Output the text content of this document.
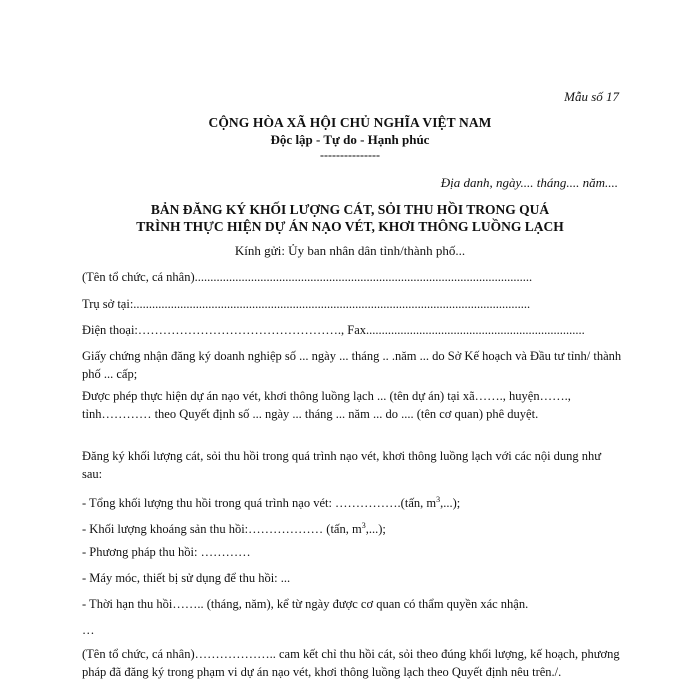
Mẫu số 17
CỘNG HÒA XÃ HỘI CHỦ NGHĨA VIỆT NAM
Độc lập - Tự do - Hạnh phúc
---------------
Địa danh, ngày.... tháng.... năm....
BẢN ĐĂNG KÝ KHỐI LƯỢNG CÁT, SỎI THU HỒI TRONG QUÁ
TRÌNH THỰC HIỆN DỰ ÁN NẠO VÉT, KHƠI THÔNG LUỒNG LẠCH
Kính gửi: Ủy ban nhân dân tỉnh/thành phố...
(Tên tổ chức, cá nhân)............................................................................................................
Trụ sở tại:...............................................................................................................................
Điện thoại:…………………………………………., Fax......................................................................
Giấy chứng nhận đăng ký doanh nghiệp số ... ngày ... tháng .. .năm ... do Sở Kế hoạch và Đầu tư tỉnh/ thành phố ... cấp;
Được phép thực hiện dự án nạo vét, khơi thông luồng lạch ... (tên dự án) tại xã……., huyện……., tỉnh………… theo Quyết định số ... ngày ... tháng ... năm ... do .... (tên cơ quan) phê duyệt.
Đăng ký khối lượng cát, sỏi thu hồi trong quá trình nạo vét, khơi thông luồng lạch với các nội dung như sau:
- Tổng khối lượng thu hồi trong quá trình nạo vét: …………….(tấn, $m^3$,...);
- Khối lượng khoáng sản thu hồi:……………… (tấn, $m^3$,...);
- Phương pháp thu hồi: …………
- Máy móc, thiết bị sử dụng để thu hồi: ...
- Thời hạn thu hồi…….. (tháng, năm), kể từ ngày được cơ quan có thẩm quyền xác nhận.
…
(Tên tổ chức, cá nhân)……………….. cam kết chỉ thu hồi cát, sỏi theo đúng khối lượng, kế hoạch, phương pháp đã đăng ký trong phạm vi dự án nạo vét, khơi thông luồng lạch theo Quyết định nêu trên./.
